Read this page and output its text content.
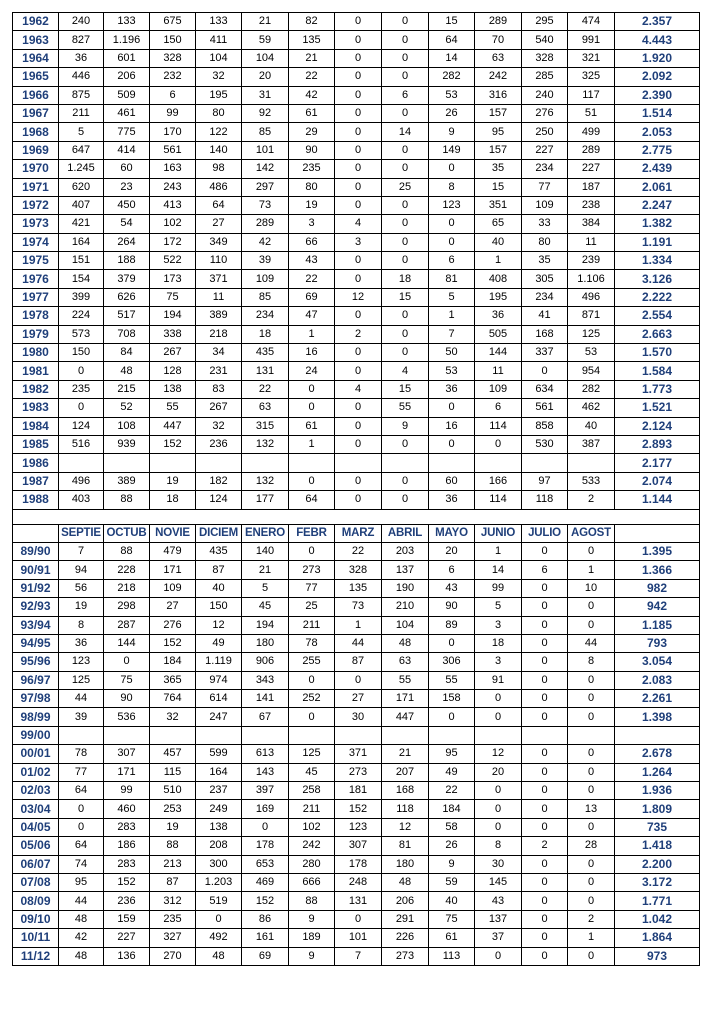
1962	240	133	675	133	21	82	0	0	15	289	295	474	2.357
1963	827	1.196	150	411	59	135	0	0	64	70	540	991	4.443
1964	36	601	328	104	104	21	0	0	14	63	328	321	1.920
1965	446	206	232	32	20	22	0	0	282	242	285	325	2.092
1966	875	509	6	195	31	42	0	6	53	316	240	117	2.390
1967	211	461	99	80	92	61	0	0	26	157	276	51	1.514
1968	5	775	170	122	85	29	0	14	9	95	250	499	2.053
1969	647	414	561	140	101	90	0	0	149	157	227	289	2.775
1970	1.245	60	163	98	142	235	0	0	0	35	234	227	2.439
1971	620	23	243	486	297	80	0	25	8	15	77	187	2.061
1972	407	450	413	64	73	19	0	0	123	351	109	238	2.247
1973	421	54	102	27	289	3	4	0	0	65	33	384	1.382
1974	164	264	172	349	42	66	3	0	0	40	80	11	1.191
1975	151	188	522	110	39	43	0	0	6	1	35	239	1.334
1976	154	379	173	371	109	22	0	18	81	408	305	1.106	3.126
1977	399	626	75	11	85	69	12	15	5	195	234	496	2.222
1978	224	517	194	389	234	47	0	0	1	36	41	871	2.554
1979	573	708	338	218	18	1	2	0	7	505	168	125	2.663
1980	150	84	267	34	435	16	0	0	50	144	337	53	1.570
1981	0	48	128	231	131	24	0	4	53	11	0	954	1.584
1982	235	215	138	83	22	0	4	15	36	109	634	282	1.773
1983	0	52	55	267	63	0	0	55	0	6	561	462	1.521
1984	124	108	447	32	315	61	0	9	16	114	858	40	2.124
1985	516	939	152	236	132	1	0	0	0	0	530	387	2.893
1986													2.177
1987	496	389	19	182	132	0	0	0	60	166	97	533	2.074
1988	403	88	18	124	177	64	0	0	36	114	118	2	1.144

	SEPTIE	OCTUB	NOVIE	DICIEM	ENERO	FEBR	MARZ	ABRIL	MAYO	JUNIO	JULIO	AGOST	
89/90	7	88	479	435	140	0	22	203	20	1	0	0	1.395
90/91	94	228	171	87	21	273	328	137	6	14	6	1	1.366
91/92	56	218	109	40	5	77	135	190	43	99	0	10	982
92/93	19	298	27	150	45	25	73	210	90	5	0	0	942
93/94	8	287	276	12	194	211	1	104	89	3	0	0	1.185
94/95	36	144	152	49	180	78	44	48	0	18	0	44	793
95/96	123	0	184	1.119	906	255	87	63	306	3	0	8	3.054
96/97	125	75	365	974	343	0	0	55	55	91	0	0	2.083
97/98	44	90	764	614	141	252	27	171	158	0	0	0	2.261
98/99	39	536	32	247	67	0	30	447	0	0	0	0	1.398
99/00													
00/01	78	307	457	599	613	125	371	21	95	12	0	0	2.678
01/02	77	171	115	164	143	45	273	207	49	20	0	0	1.264
02/03	64	99	510	237	397	258	181	168	22	0	0	0	1.936
03/04	0	460	253	249	169	211	152	118	184	0	0	13	1.809
04/05	0	283	19	138	0	102	123	12	58	0	0	0	735
05/06	64	186	88	208	178	242	307	81	26	8	2	28	1.418
06/07	74	283	213	300	653	280	178	180	9	30	0	0	2.200
07/08	95	152	87	1.203	469	666	248	48	59	145	0	0	3.172
08/09	44	236	312	519	152	88	131	206	40	43	0	0	1.771
09/10	48	159	235	0	86	9	0	291	75	137	0	2	1.042
10/11	42	227	327	492	161	189	101	226	61	37	0	1	1.864
11/12	48	136	270	48	69	9	7	273	113	0	0	0	973
